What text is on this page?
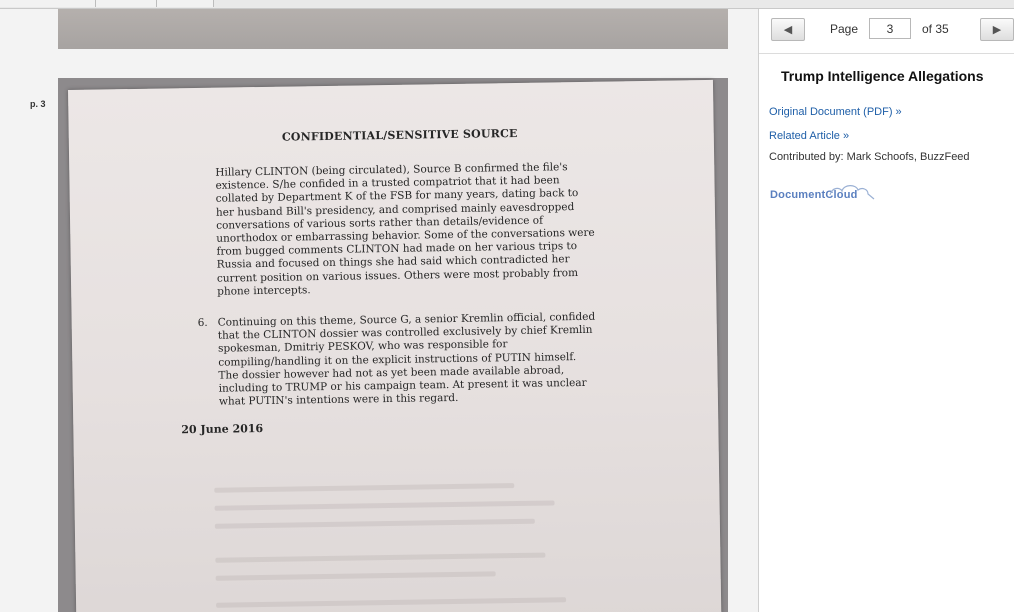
p. 3
CONFIDENTIAL/SENSITIVE SOURCE
Hillary CLINTON (being circulated), Source B confirmed the file's existence. S/he confided in a trusted compatriot that it had been collated by Department K of the FSB for many years, dating back to her husband Bill's presidency, and comprised mainly eavesdropped conversations of various sorts rather than details/evidence of unorthodox or embarrassing behavior. Some of the conversations were from bugged comments CLINTON had made on her various trips to Russia and focused on things she had said which contradicted her current position on various issues. Others were most probably from phone intercepts.
6. Continuing on this theme, Source G, a senior Kremlin official, confided that the CLINTON dossier was controlled exclusively by chief Kremlin spokesman, Dmitriy PESKOV, who was responsible for compiling/handling it on the explicit instructions of PUTIN himself. The dossier however had not as yet been made available abroad, including to TRUMP or his campaign team. At present it was unclear what PUTIN's intentions were in this regard.
20 June 2016
◀	Page
3	of 35	▶
Trump Intelligence Allegations
Original Document (PDF) »
Related Article »
Contributed by: Mark Schoofs, BuzzFeed
DocumentCloud
